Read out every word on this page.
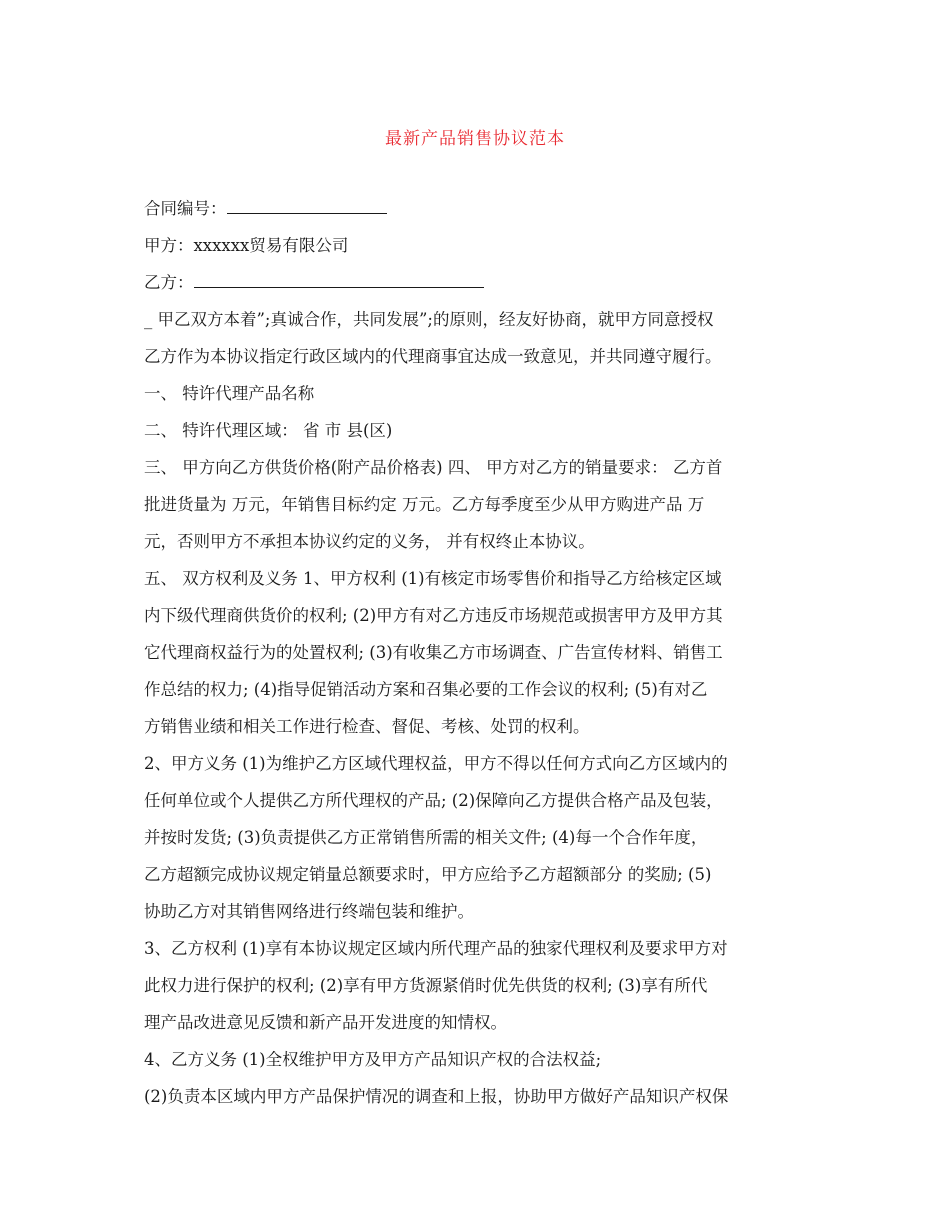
最新产品销售协议范本
合同编号：
甲方：xxxxxx贸易有限公司
乙方：
_ 甲乙双方本着”;真诚合作，共同发展”;的原则，经友好协商，就甲方同意授权
乙方作为本协议指定行政区域内的代理商事宜达成一致意见，并共同遵守履行。
一、 特许代理产品名称
二、 特许代理区域： 省 市 县(区)
三、 甲方向乙方供货价格(附产品价格表) 四、 甲方对乙方的销量要求： 乙方首
批进货量为 万元，年销售目标约定 万元。乙方每季度至少从甲方购进产品 万
元，否则甲方不承担本协议约定的义务， 并有权终止本协议。
五、 双方权利及义务 1、甲方权利 (1)有核定市场零售价和指导乙方给核定区域
内下级代理商供货价的权利; (2)甲方有对乙方违反市场规范或损害甲方及甲方其
它代理商权益行为的处置权利; (3)有收集乙方市场调查、广告宣传材料、销售工
作总结的权力; (4)指导促销活动方案和召集必要的工作会议的权利; (5)有对乙
方销售业绩和相关工作进行检查、督促、考核、处罚的权利。
2、甲方义务 (1)为维护乙方区域代理权益，甲方不得以任何方式向乙方区域内的
任何单位或个人提供乙方所代理权的产品; (2)保障向乙方提供合格产品及包装，
并按时发货; (3)负责提供乙方正常销售所需的相关文件; (4)每一个合作年度，
乙方超额完成协议规定销量总额要求时，甲方应给予乙方超额部分 的奖励; (5)
协助乙方对其销售网络进行终端包装和维护。
3、乙方权利 (1)享有本协议规定区域内所代理产品的独家代理权利及要求甲方对
此权力进行保护的权利; (2)享有甲方货源紧俏时优先供货的权利; (3)享有所代
理产品改进意见反馈和新产品开发进度的知情权。
4、乙方义务 (1)全权维护甲方及甲方产品知识产权的合法权益;
(2)负责本区域内甲方产品保护情况的调查和上报，协助甲方做好产品知识产权保
